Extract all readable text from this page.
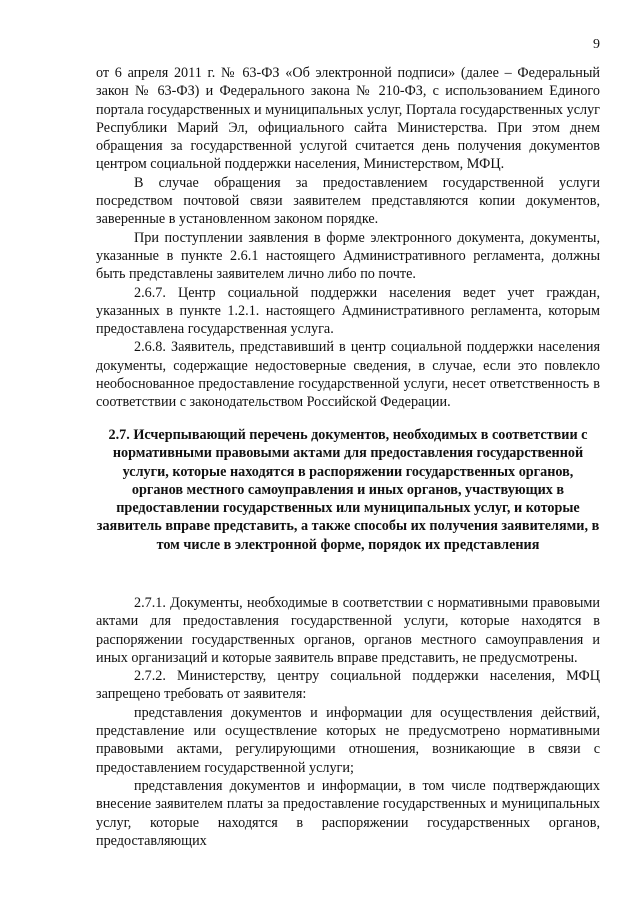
9

от 6 апреля 2011 г. № 63-ФЗ «Об электронной подписи» (далее – Федеральный закон № 63-ФЗ) и Федерального закона № 210-ФЗ, с использованием Единого портала государственных и муниципальных услуг, Портала государственных услуг Республики Марий Эл, официального сайта Министерства. При этом днем обращения за государственной услугой считается день получения документов центром социальной поддержки населения, Министерством, МФЦ.

В случае обращения за предоставлением государственной услуги посредством почтовой связи заявителем представляются копии документов, заверенные в установленном законом порядке.

При поступлении заявления в форме электронного документа, документы, указанные в пункте 2.6.1 настоящего Административного регламента, должны быть представлены заявителем лично либо по почте.

2.6.7. Центр социальной поддержки населения ведет учет граждан, указанных в пункте 1.2.1. настоящего Административного регламента, которым предоставлена государственная услуга.

2.6.8. Заявитель, представивший в центр социальной поддержки населения документы, содержащие недостоверные сведения, в случае, если это повлекло необоснованное предоставление государственной услуги, несет ответственность в соответствии с законодательством Российской Федерации.

2.7. Исчерпывающий перечень документов, необходимых в соответствии с нормативными правовыми актами для предоставления государственной услуги, которые находятся в распоряжении государственных органов, органов местного самоуправления и иных органов, участвующих в предоставлении государственных или муниципальных услуг, и которые заявитель вправе представить, а также способы их получения заявителями, в том числе в электронной форме, порядок их представления

2.7.1. Документы, необходимые в соответствии с нормативными правовыми актами для предоставления государственной услуги, которые находятся в распоряжении государственных органов, органов местного самоуправления и иных организаций и которые заявитель вправе представить, не предусмотрены.

2.7.2. Министерству, центру социальной поддержки населения, МФЦ запрещено требовать от заявителя:

представления документов и информации для осуществления действий, представление или осуществление которых не предусмотрено нормативными правовыми актами, регулирующими отношения, возникающие в связи с предоставлением государственной услуги;

представления документов и информации, в том числе подтверждающих внесение заявителем платы за предоставление государственных и муниципальных услуг, которые находятся в распоряжении государственных органов, предоставляющих
